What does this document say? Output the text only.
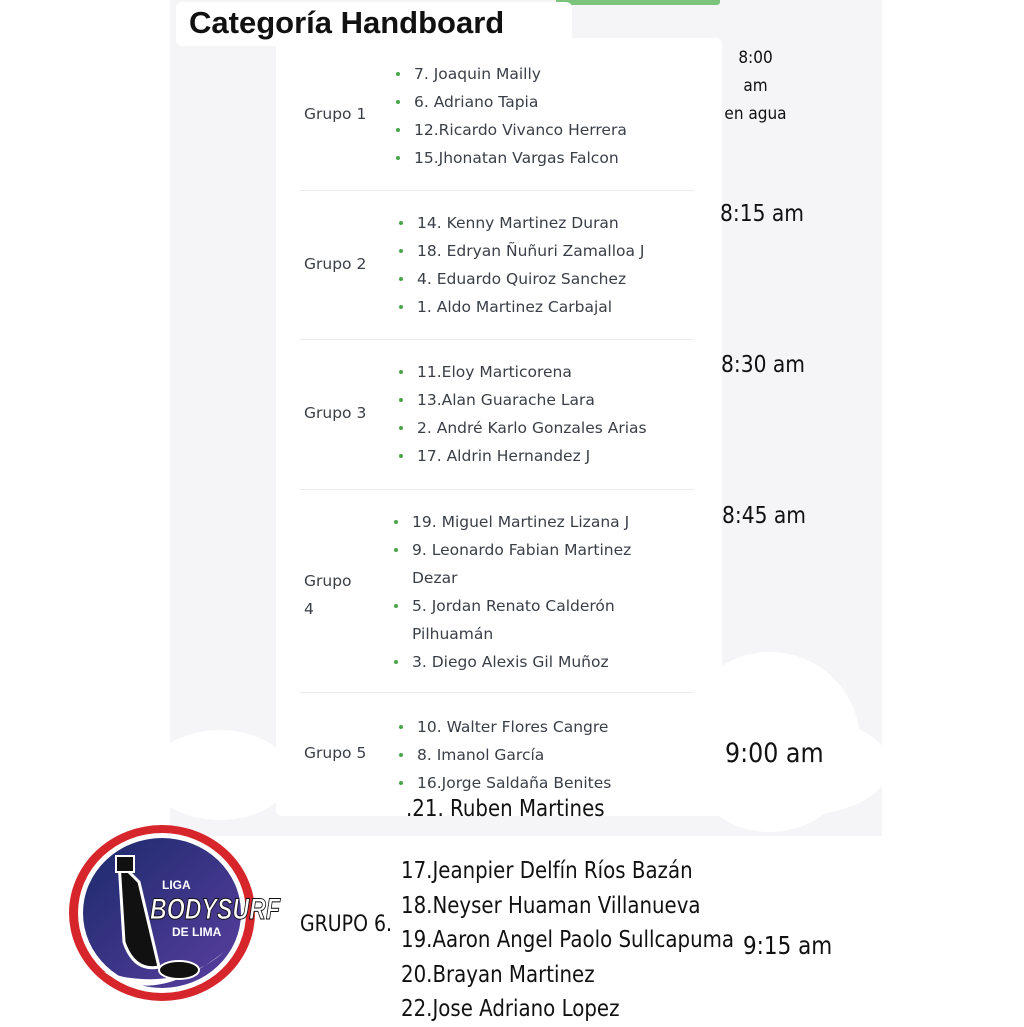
Categoría Handboard
Grupo 1
7. Joaquin Mailly
6. Adriano Tapia
12.Ricardo Vivanco Herrera
15.Jhonatan Vargas Falcon
8:00 am
en agua
Grupo 2
14. Kenny Martinez Duran
18. Edryan Ñuñuri Zamalloa J
4. Eduardo Quiroz Sanchez
1. Aldo Martinez Carbajal
8:15 am
Grupo 3
11.Eloy Marticorena
13.Alan Guarache Lara
2. André Karlo Gonzales Arias
17. Aldrin Hernandez J
8:30 am
Grupo
4
19. Miguel Martinez Lizana J
9. Leonardo Fabian Martinez Dezar
5. Jordan Renato Calderón Pilhuamán
3. Diego Alexis Gil Muñoz
8:45 am
Grupo 5
10. Walter Flores Cangre
8. Imanol García
16.Jorge Saldaña Benites
.21. Ruben Martines
9:00 am
LIGA
BODYSURF
DE LIMA	GRUPO 6.
17.Jeanpier Delfín Ríos Bazán
18.Neyser Huaman Villanueva
19.Aaron Angel Paolo Sullcapuma
20.Brayan Martinez
22.Jose Adriano Lopez
9:15 am
